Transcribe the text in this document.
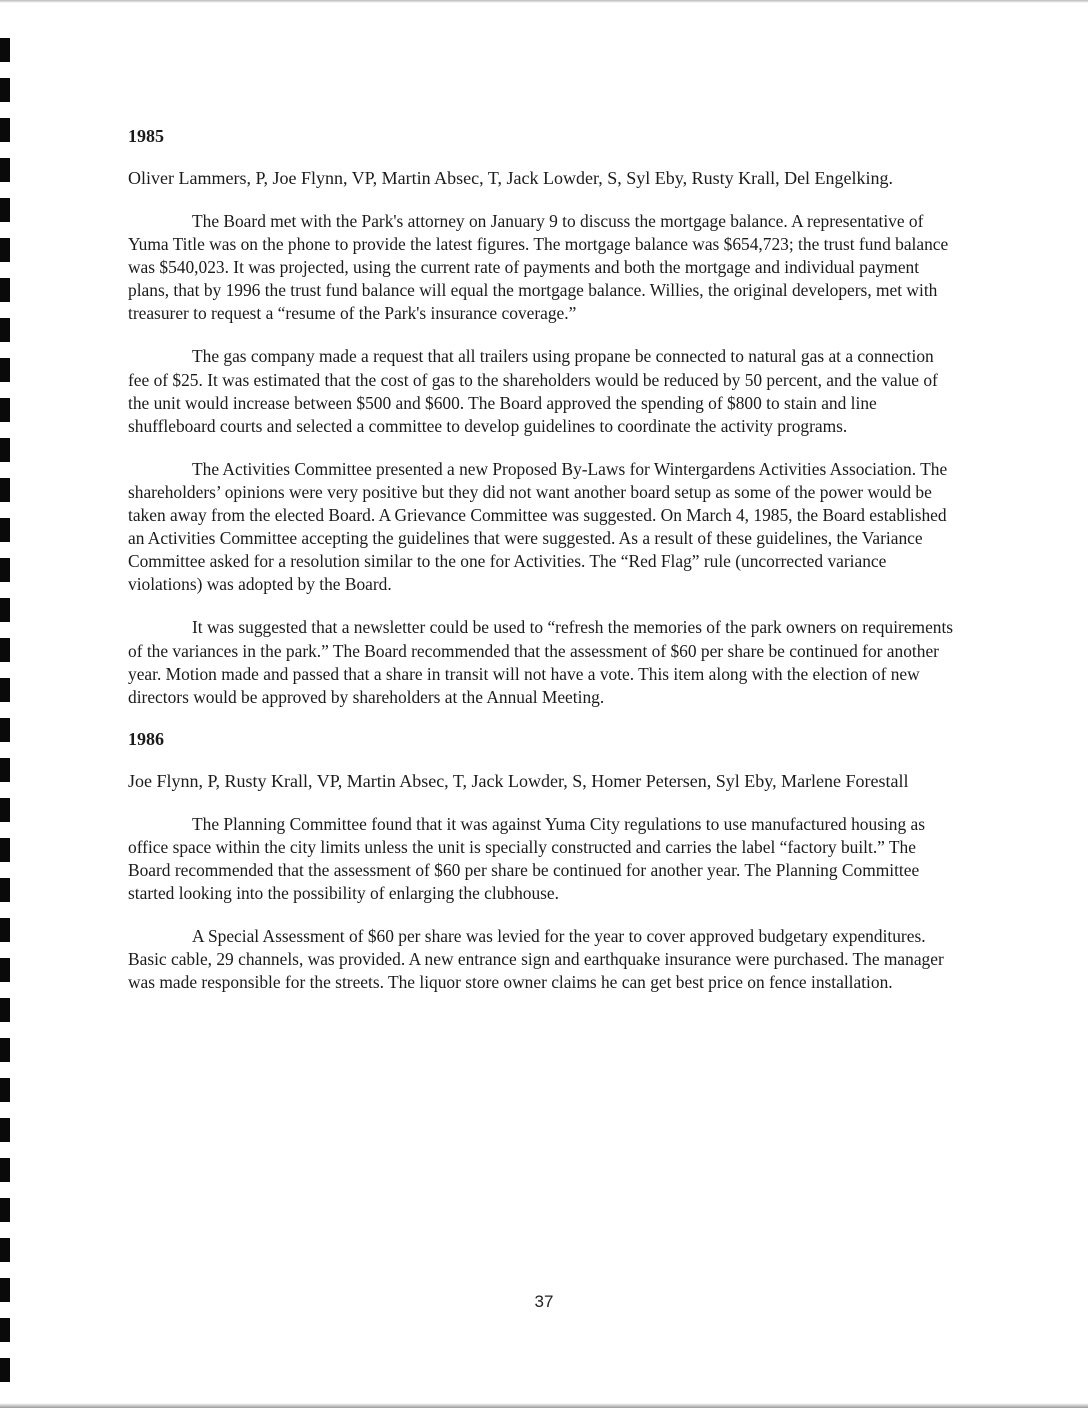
1985

Oliver Lammers, P, Joe Flynn, VP, Martin Absec, T, Jack Lowder, S, Syl Eby, Rusty Krall, Del Engelking.

The Board met with the Park's attorney on January 9 to discuss the mortgage balance. A representative of Yuma Title was on the phone to provide the latest figures. The mortgage balance was $654,723; the trust fund balance was $540,023. It was projected, using the current rate of payments and both the mortgage and individual payment plans, that by 1996 the trust fund balance will equal the mortgage balance. Willies, the original developers, met with treasurer to request a “resume of the Park's insurance coverage.”

The gas company made a request that all trailers using propane be connected to natural gas at a connection fee of $25. It was estimated that the cost of gas to the shareholders would be reduced by 50 percent, and the value of the unit would increase between $500 and $600. The Board approved the spending of $800 to stain and line shuffleboard courts and selected a committee to develop guidelines to coordinate the activity programs.

The Activities Committee presented a new Proposed By-Laws for Wintergardens Activities Association. The shareholders’ opinions were very positive but they did not want another board setup as some of the power would be taken away from the elected Board. A Grievance Committee was suggested. On March 4, 1985, the Board established an Activities Committee accepting the guidelines that were suggested. As a result of these guidelines, the Variance Committee asked for a resolution similar to the one for Activities. The “Red Flag” rule (uncorrected variance violations) was adopted by the Board.

It was suggested that a newsletter could be used to “refresh the memories of the park owners on requirements of the variances in the park.” The Board recommended that the assessment of $60 per share be continued for another year. Motion made and passed that a share in transit will not have a vote. This item along with the election of new directors would be approved by shareholders at the Annual Meeting.

1986

Joe Flynn, P, Rusty Krall, VP, Martin Absec, T, Jack Lowder, S, Homer Petersen, Syl Eby, Marlene Forestall

The Planning Committee found that it was against Yuma City regulations to use manufactured housing as office space within the city limits unless the unit is specially constructed and carries the label “factory built.” The Board recommended that the assessment of $60 per share be continued for another year. The Planning Committee started looking into the possibility of enlarging the clubhouse.

A Special Assessment of $60 per share was levied for the year to cover approved budgetary expenditures. Basic cable, 29 channels, was provided. A new entrance sign and earthquake insurance were purchased. The manager was made responsible for the streets. The liquor store owner claims he can get best price on fence installation.

37
